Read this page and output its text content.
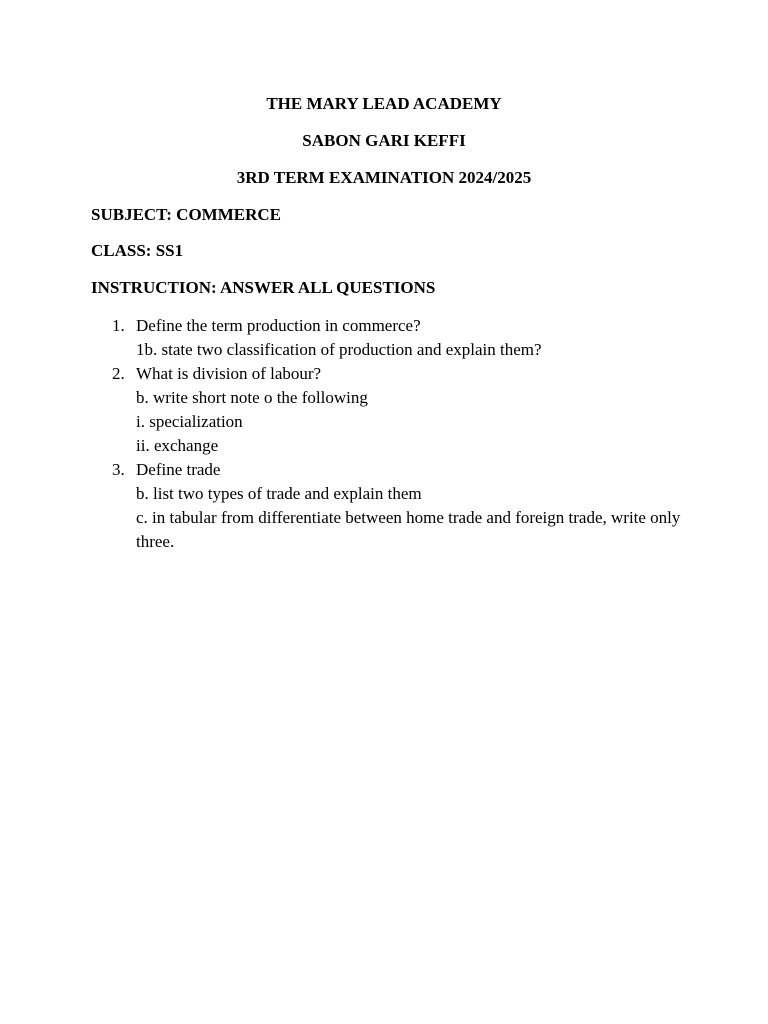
THE MARY LEAD ACADEMY
SABON GARI KEFFI
3RD TERM EXAMINATION 2024/2025
SUBJECT: COMMERCE
CLASS: SS1
INSTRUCTION: ANSWER ALL QUESTIONS
1. Define the term production in commerce?
1b. state two classification of production and explain them?
2. What is division of labour?
b. write short note o the following
i. specialization
ii. exchange
3. Define trade
b. list two types of trade and explain them
c. in tabular from differentiate between home trade and foreign trade, write only three.
